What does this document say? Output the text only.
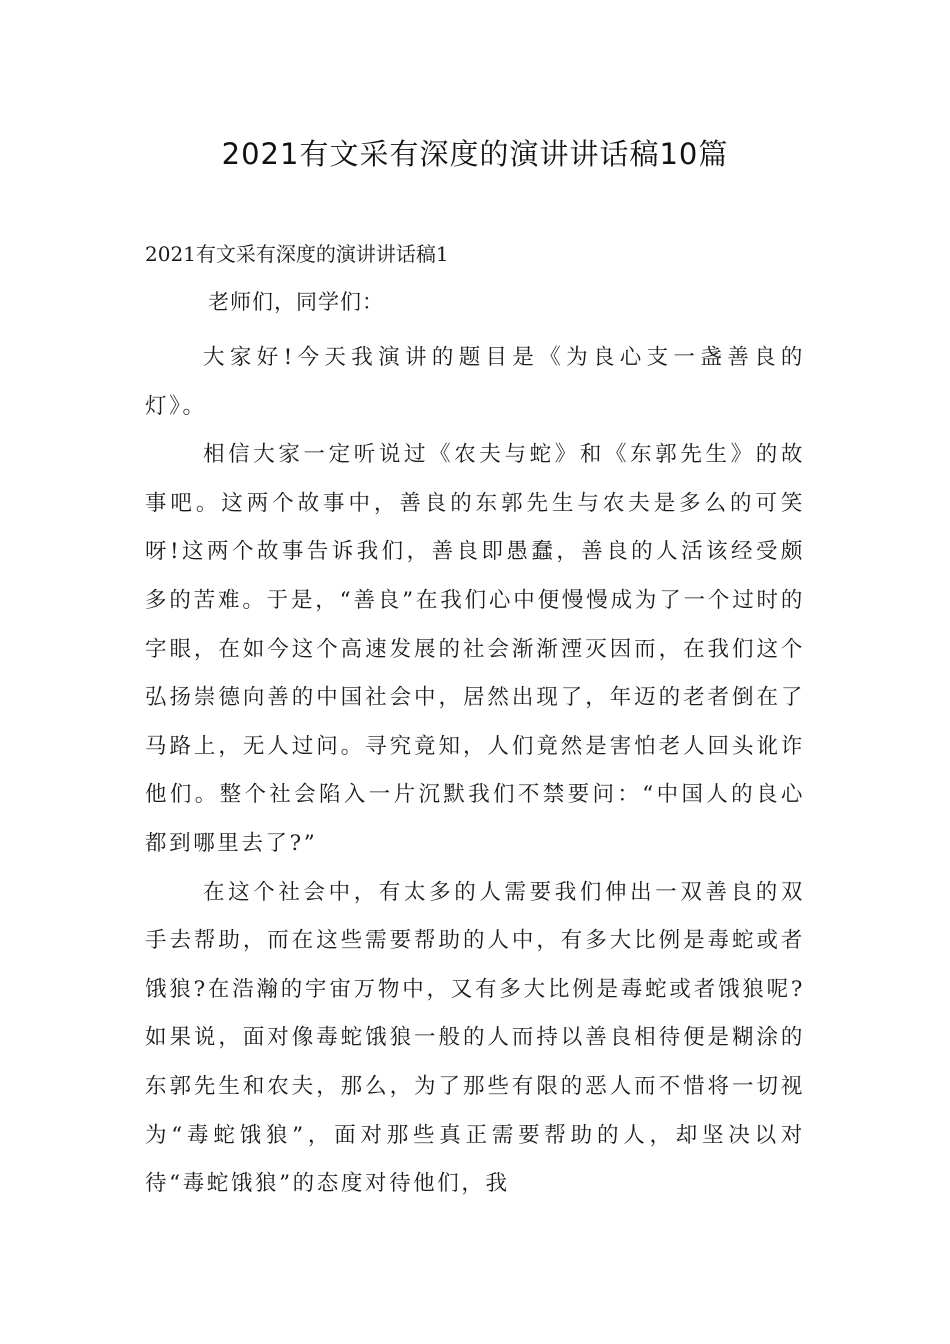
2021有文采有深度的演讲讲话稿10篇
2021有文采有深度的演讲讲话稿1
老师们，同学们：

大家好!今天我演讲的题目是《为良心支一盏善良的灯》。

相信大家一定听说过《农夫与蛇》和《东郭先生》的故事吧。这两个故事中，善良的东郭先生与农夫是多么的可笑呀!这两个故事告诉我们，善良即愚蠢，善良的人活该经受颇多的苦难。于是，“善良”在我们心中便慢慢成为了一个过时的字眼，在如今这个高速发展的社会渐渐湮灭因而，在我们这个弘扬崇德向善的中国社会中，居然出现了，年迈的老者倒在了马路上，无人过问。寻究竟知，人们竟然是害怕老人回头讹诈他们。整个社会陷入一片沉默我们不禁要问：“中国人的良心都到哪里去了?”

在这个社会中，有太多的人需要我们伸出一双善良的双手去帮助，而在这些需要帮助的人中，有多大比例是毒蛇或者饿狼?在浩瀚的宇宙万物中，又有多大比例是毒蛇或者饿狼呢?如果说，面对像毒蛇饿狼一般的人而持以善良相待便是糊涂的东郭先生和农夫，那么，为了那些有限的恶人而不惜将一切视为“毒蛇饿狼”，面对那些真正需要帮助的人，却坚决以对待“毒蛇饿狼”的态度对待他们，我
